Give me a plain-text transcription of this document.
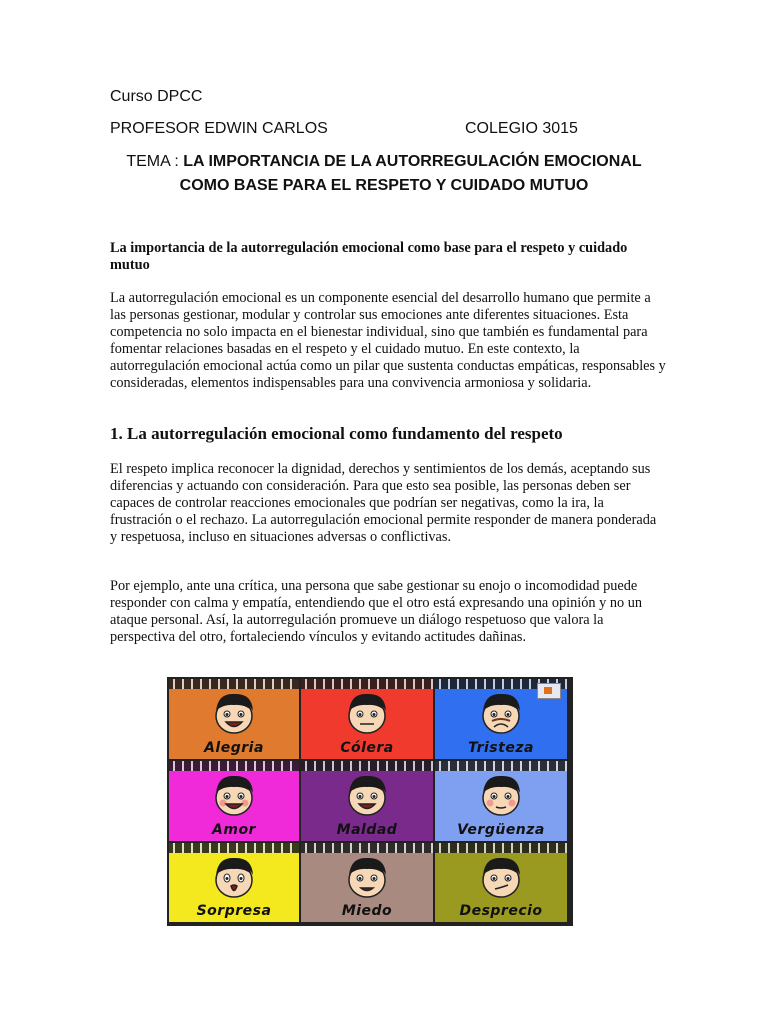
Curso DPCC
PROFESOR EDWIN CARLOS	COLEGIO 3015
TEMA : LA IMPORTANCIA DE LA AUTORREGULACIÓN EMOCIONAL COMO BASE PARA EL RESPETO Y CUIDADO MUTUO
La importancia de la autorregulación emocional como base para el respeto y cuidado mutuo

La autorregulación emocional es un componente esencial del desarrollo humano que permite a las personas gestionar, modular y controlar sus emociones ante diferentes situaciones. Esta competencia no solo impacta en el bienestar individual, sino que también es fundamental para fomentar relaciones basadas en el respeto y el cuidado mutuo. En este contexto, la autorregulación emocional actúa como un pilar que sustenta conductas empáticas, responsables y consideradas, elementos indispensables para una convivencia armoniosa y solidaria.

1. La autorregulación emocional como fundamento del respeto

El respeto implica reconocer la dignidad, derechos y sentimientos de los demás, aceptando sus diferencias y actuando con consideración. Para que esto sea posible, las personas deben ser capaces de controlar reacciones emocionales que podrían ser negativas, como la ira, la frustración o el rechazo. La autorregulación emocional permite responder de manera ponderada y respetuosa, incluso en situaciones adversas o conflictivas.

Por ejemplo, ante una crítica, una persona que sabe gestionar su enojo o incomodidad puede responder con calma y empatía, entendiendo que el otro está expresando una opinión y no un ataque personal. Así, la autorregulación promueve un diálogo respetuoso que valora la perspectiva del otro, fortaleciendo vínculos y evitando actitudes dañinas.

Alegria	Cólera	Tristeza
Amor	Maldad	Vergüenza
Sorpresa	Miedo	Desprecio
